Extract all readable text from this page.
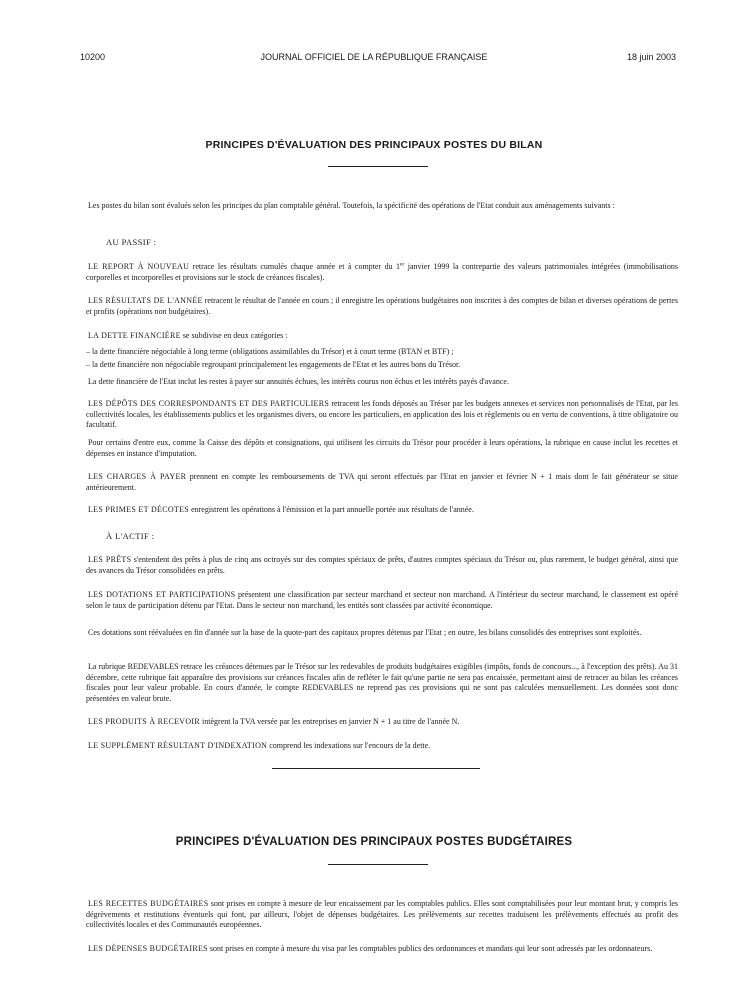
10200	JOURNAL OFFICIEL DE LA RÉPUBLIQUE FRANÇAISE	18 juin 2003
PRINCIPES D'ÉVALUATION DES PRINCIPAUX POSTES DU BILAN
Les postes du bilan sont évalués selon les principes du plan comptable général. Toutefois, la spécificité des opérations de l'Etat conduit aux aménagements suivants :
AU PASSIF :
LE REPORT À NOUVEAU retrace les résultats cumulés chaque année et à compter du 1er janvier 1999 la contrepartie des valeurs patrimoniales intégrées (immobilisations corporelles et incorporelles et provisions sur le stock de créances fiscales).
LES RÉSULTATS DE L'ANNÉE retracent le résultat de l'année en cours ; il enregistre les opérations budgétaires non inscrites à des comptes de bilan et diverses opérations de pertes et profits (opérations non budgétaires).
LA DETTE FINANCIÈRE se subdivise en deux catégories :
– la dette financière négociable à long terme (obligations assimilables du Trésor) et à court terme (BTAN et BTF) ;
– la dette financière non négociable regroupant principalement les engagements de l'Etat et les autres bons du Trésor.
La dette financière de l'Etat inclut les restes à payer sur annuités échues, les intérêts courus non échus et les intérêts payés d'avance.
LES DÉPÔTS DES CORRESPONDANTS ET DES PARTICULIERS retracent les fonds déposés au Trésor par les budgets annexes et services non personnalisés de l'Etat, par les collectivités locales, les établissements publics et les organismes divers, ou encore les particuliers, en application des lois et règlements ou en vertu de conventions, à titre obligatoire ou facultatif.
Pour certains d'entre eux, comme la Caisse des dépôts et consignations, qui utilisent les circuits du Trésor pour procéder à leurs opérations, la rubrique en cause inclut les recettes et dépenses en instance d'imputation.
LES CHARGES À PAYER prennent en compte les remboursements de TVA qui seront effectués par l'Etat en janvier et février N + 1 mais dont le fait générateur se situe antérieurement.
LES PRIMES ET DÉCOTES enregistrent les opérations à l'émission et la part annuelle portée aux résultats de l'année.
À L'ACTIF :
LES PRÊTS s'entendent des prêts à plus de cinq ans octroyés sur des comptes spéciaux de prêts, d'autres comptes spéciaux du Trésor ou, plus rarement, le budget général, ainsi que des avances du Trésor consolidées en prêts.
LES DOTATIONS ET PARTICIPATIONS présentent une classification par secteur marchand et secteur non marchand. A l'intérieur du secteur marchand, le classement est opéré selon le taux de participation détenu par l'Etat. Dans le secteur non marchand, les entités sont classées par activité économique.
Ces dotations sont réévaluées en fin d'année sur la base de la quote-part des capitaux propres détenus par l'Etat ; en outre, les bilans consolidés des entreprises sont exploités.
La rubrique REDEVABLES retrace les créances détenues par le Trésor sur les redevables de produits budgétaires exigibles (impôts, fonds de concours..., à l'exception des prêts). Au 31 décembre, cette rubrique fait apparaître des provisions sur créances fiscales afin de refléter le fait qu'une partie ne sera pas encaissée, permettant ainsi de retracer au bilan les créances fiscales pour leur valeur probable. En cours d'année, le compte REDEVABLES ne reprend pas ces provisions qui ne sont pas calculées mensuellement. Les données sont donc présentées en valeur brute.
LES PRODUITS À RECEVOIR intègrent la TVA versée par les entreprises en janvier N + 1 au titre de l'année N.
LE SUPPLÉMENT RÉSULTANT D'INDEXATION comprend les indexations sur l'encours de la dette.
PRINCIPES D'ÉVALUATION DES PRINCIPAUX POSTES BUDGÉTAIRES
LES RECETTES BUDGÉTAIRES sont prises en compte à mesure de leur encaissement par les comptables publics. Elles sont comptabilisées pour leur montant brut, y compris les dégrèvements et restitutions éventuels qui font, par ailleurs, l'objet de dépenses budgétaires. Les prélèvements sur recettes traduisent les prélèvements effectués au profit des collectivités locales et des Communautés européennes.
LES DÉPENSES BUDGÉTAIRES sont prises en compte à mesure du visa par les comptables publics des ordonnances et mandats qui leur sont adressés par les ordonnateurs.
